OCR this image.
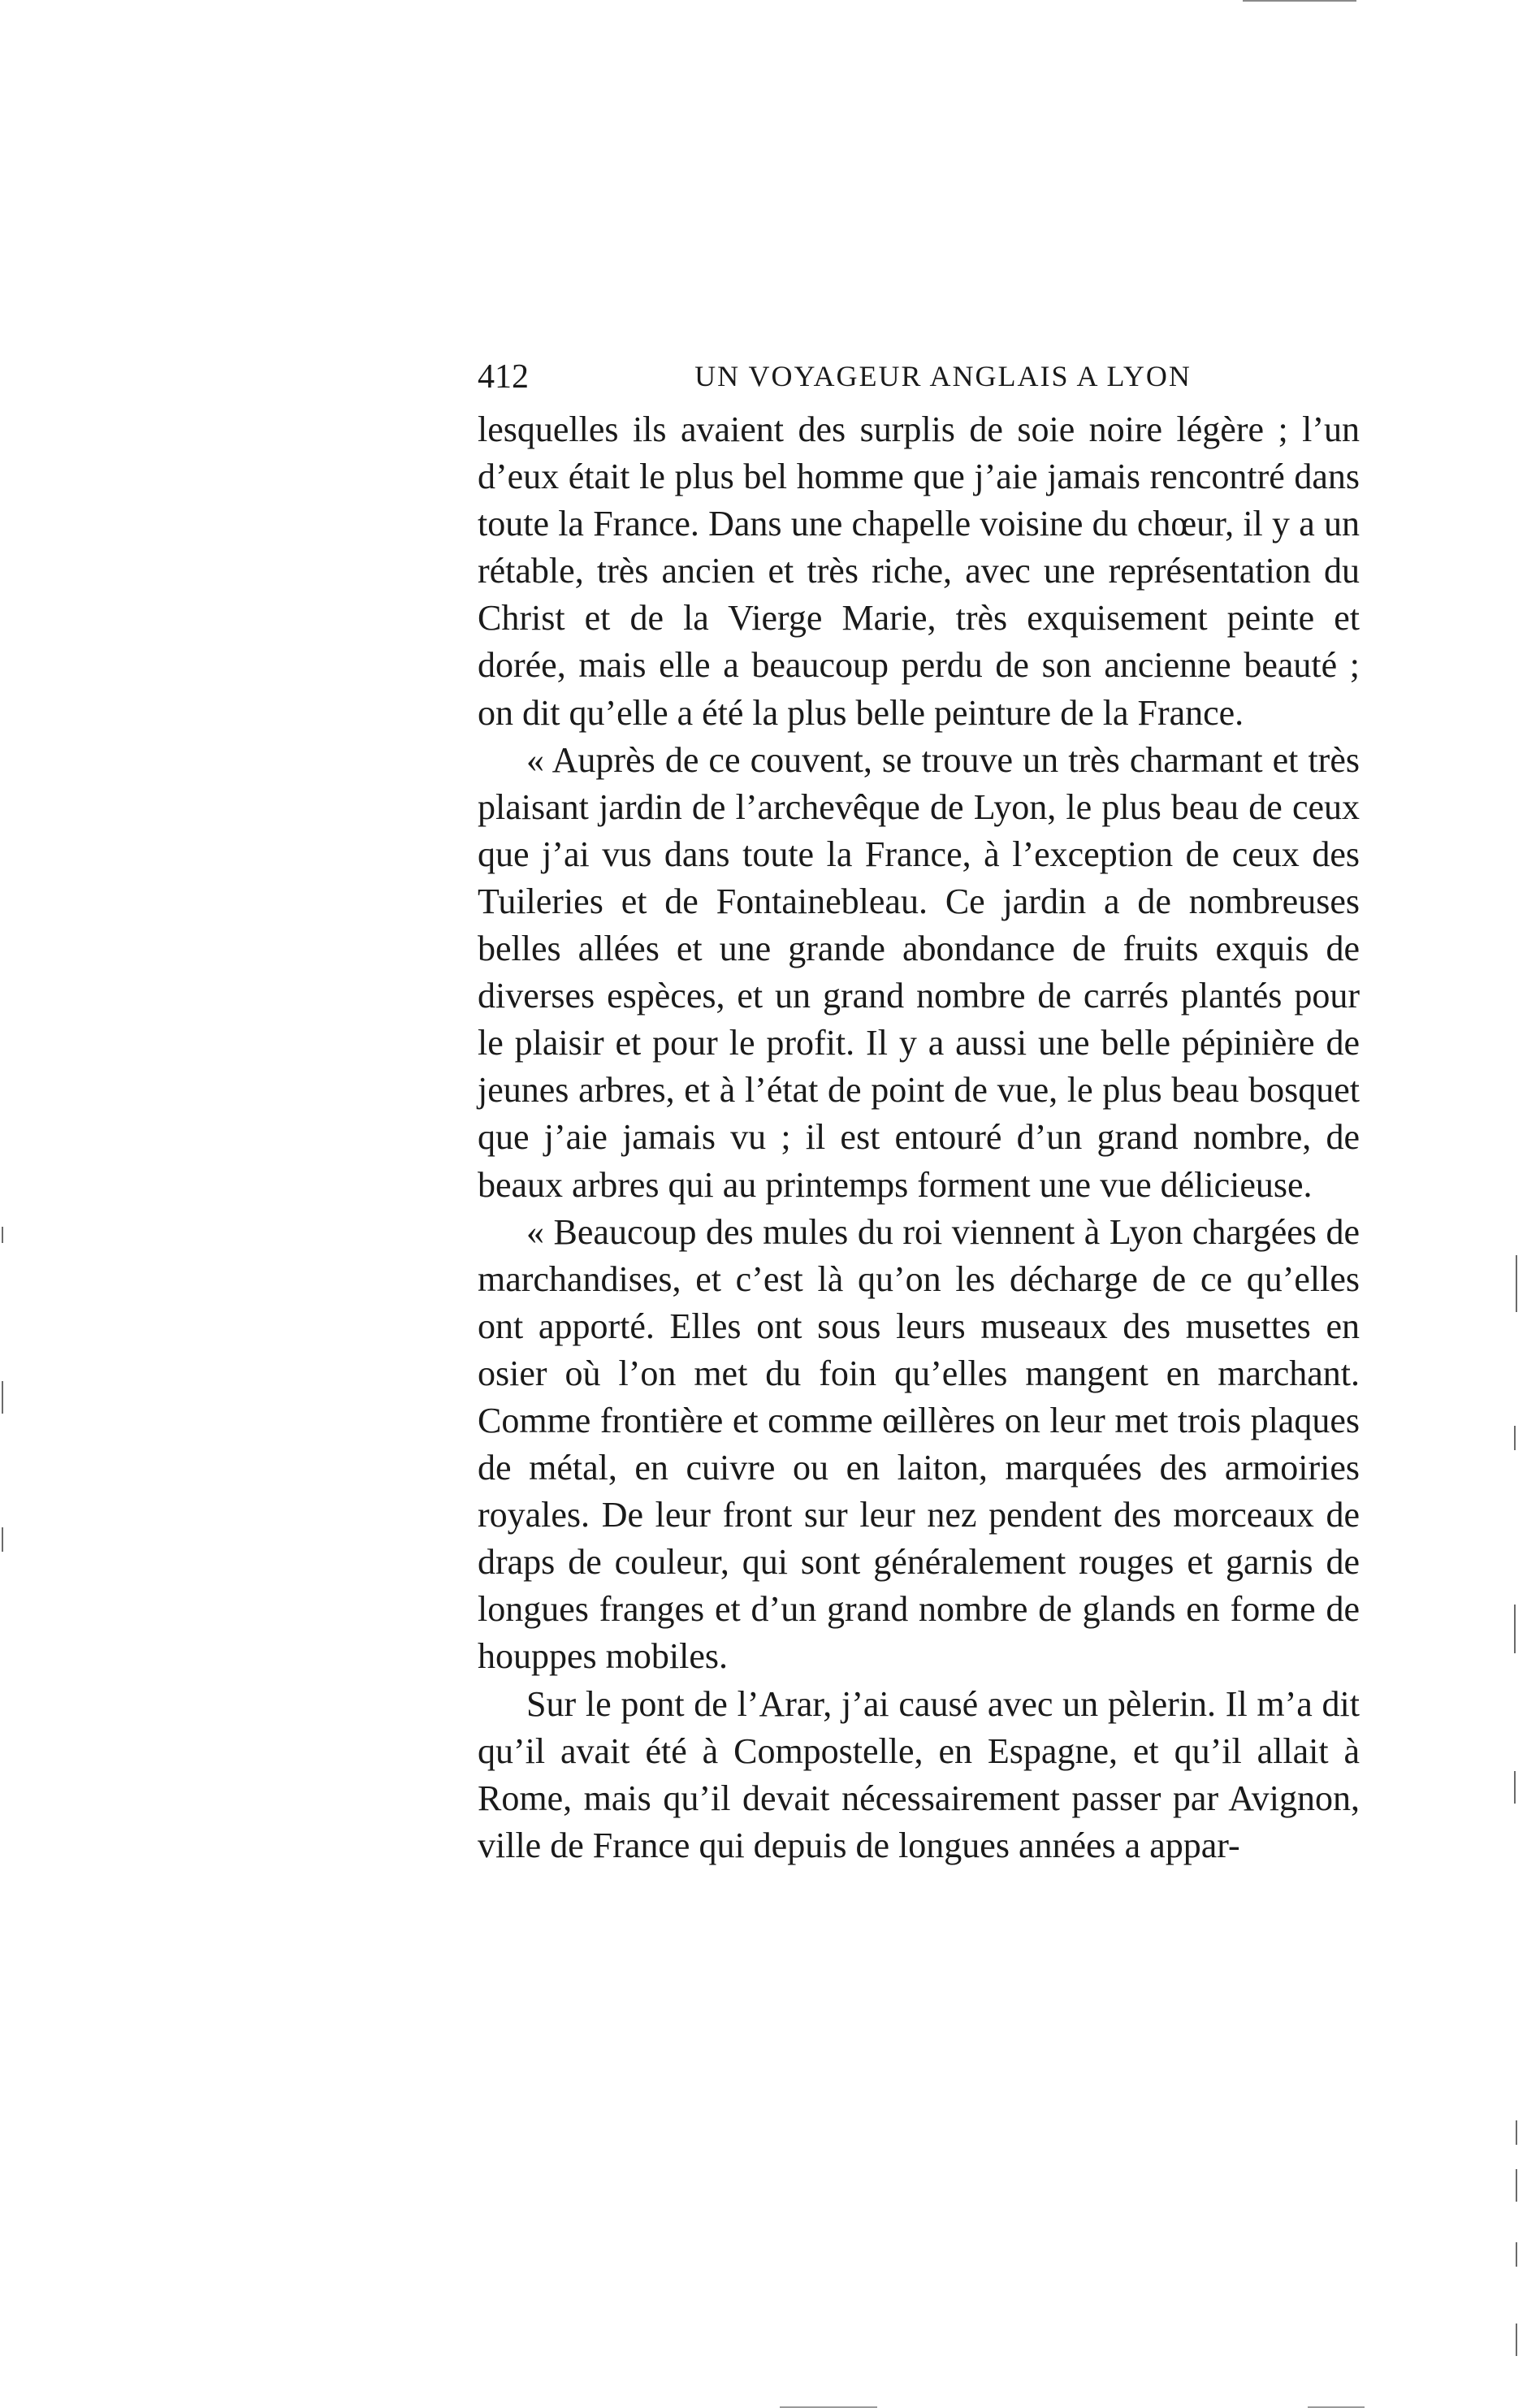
412	UN VOYAGEUR ANGLAIS A LYON

lesquelles ils avaient des surplis de soie noire légère ; l’un d’eux était le plus bel homme que j’aie jamais rencontré dans toute la France. Dans une chapelle voisine du chœur, il y a un rétable, très ancien et très riche, avec une représentation du Christ et de la Vierge Marie, très exquisement peinte et dorée, mais elle a beaucoup perdu de son ancienne beauté ; on dit qu’elle a été la plus belle peinture de la France.

« Auprès de ce couvent, se trouve un très charmant et très plaisant jardin de l’archevêque de Lyon, le plus beau de ceux que j’ai vus dans toute la France, à l’exception de ceux des Tuileries et de Fontainebleau. Ce jardin a de nombreuses belles allées et une grande abondance de fruits exquis de diverses espèces, et un grand nombre de carrés plantés pour le plaisir et pour le profit. Il y a aussi une belle pépinière de jeunes arbres, et à l’état de point de vue, le plus beau bosquet que j’aie jamais vu ; il est entouré d’un grand nombre, de beaux arbres qui au printemps forment une vue délicieuse.

« Beaucoup des mules du roi viennent à Lyon chargées de marchandises, et c’est là qu’on les décharge de ce qu’elles ont apporté. Elles ont sous leurs museaux des musettes en osier où l’on met du foin qu’elles mangent en marchant. Comme frontière et comme œillères on leur met trois plaques de métal, en cuivre ou en laiton, marquées des armoiries royales. De leur front sur leur nez pendent des morceaux de draps de couleur, qui sont généralement rouges et garnis de longues franges et d’un grand nombre de glands en forme de houppes mobiles.

Sur le pont de l’Arar, j’ai causé avec un pèlerin. Il m’a dit qu’il avait été à Compostelle, en Espagne, et qu’il allait à Rome, mais qu’il devait nécessairement passer par Avignon, ville de France qui depuis de longues années a appar-
